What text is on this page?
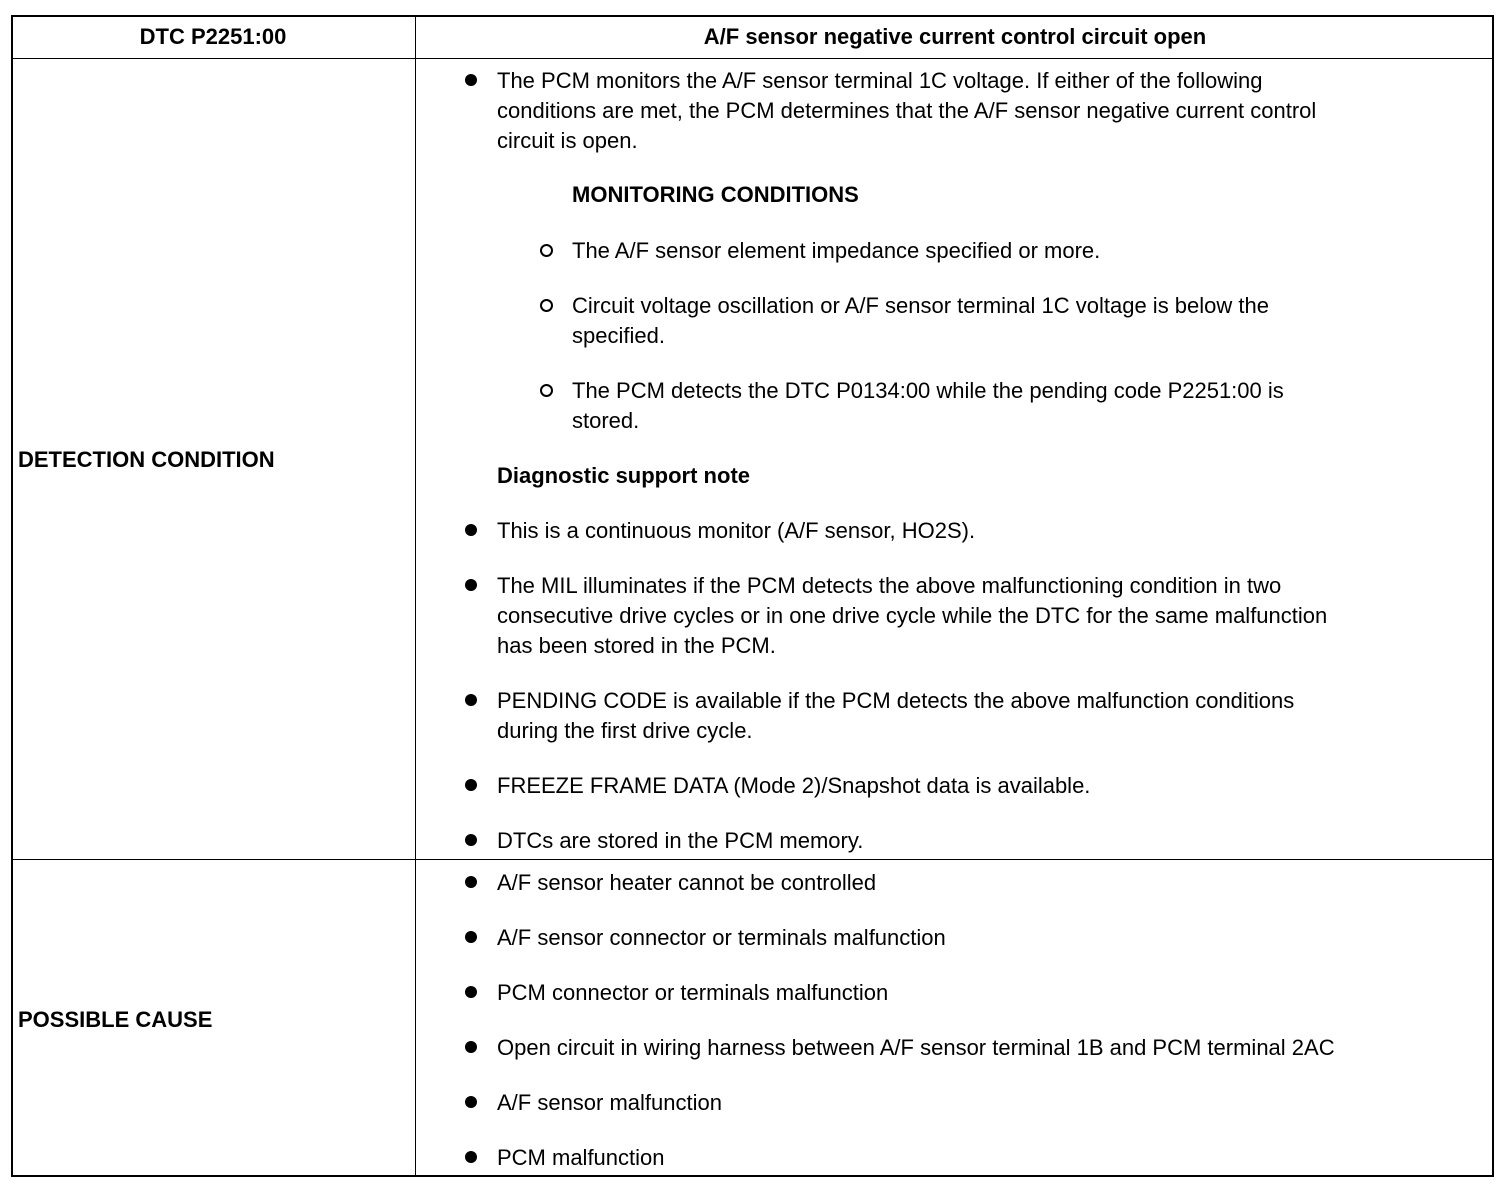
DTC P2251:00	A/F sensor negative current control circuit open
DETECTION CONDITION
The PCM monitors the A/F sensor terminal 1C voltage. If either of the following
conditions are met, the PCM determines that the A/F sensor negative current control
circuit is open.
MONITORING CONDITIONS
The A/F sensor element impedance specified or more.
Circuit voltage oscillation or A/F sensor terminal 1C voltage is below the
specified.
The PCM detects the DTC P0134:00 while the pending code P2251:00 is
stored.
Diagnostic support note
This is a continuous monitor (A/F sensor, HO2S).
The MIL illuminates if the PCM detects the above malfunctioning condition in two
consecutive drive cycles or in one drive cycle while the DTC for the same malfunction
has been stored in the PCM.
PENDING CODE is available if the PCM detects the above malfunction conditions
during the first drive cycle.
FREEZE FRAME DATA (Mode 2)/Snapshot data is available.
DTCs are stored in the PCM memory.
POSSIBLE CAUSE
A/F sensor heater cannot be controlled
A/F sensor connector or terminals malfunction
PCM connector or terminals malfunction
Open circuit in wiring harness between A/F sensor terminal 1B and PCM terminal 2AC
A/F sensor malfunction
PCM malfunction
